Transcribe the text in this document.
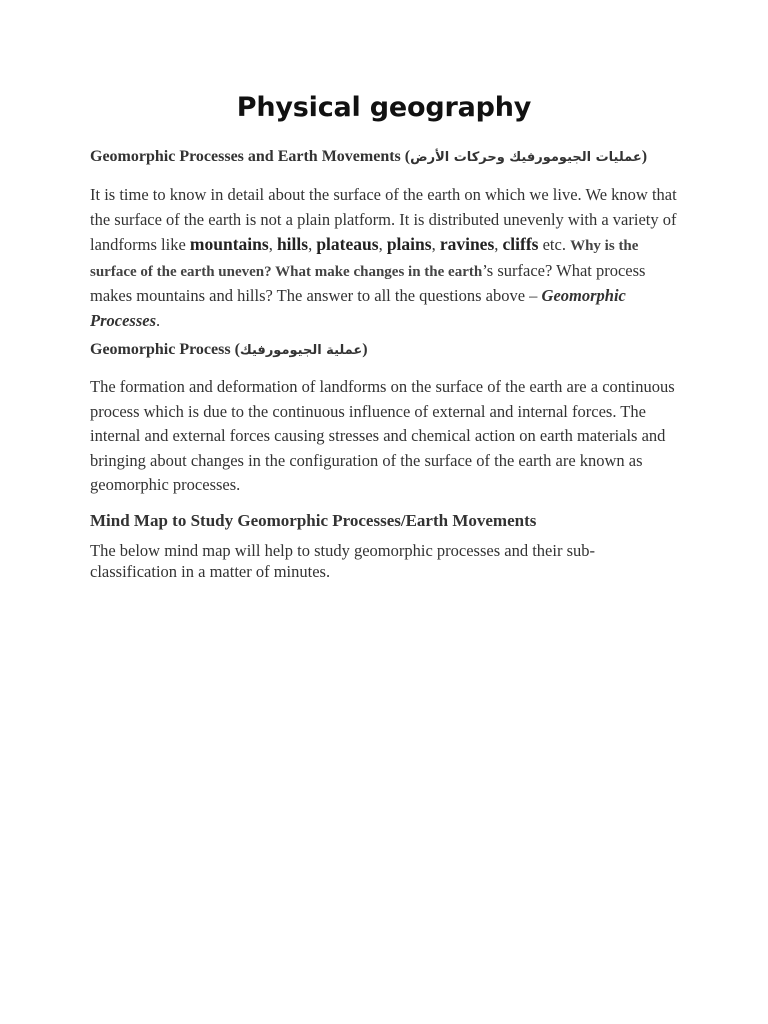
Physical geography
Geomorphic Processes and Earth Movements (عمليات الجيومورفيك وحركات الأرض)

It is time to know in detail about the surface of the earth on which we live. We know that the surface of the earth is not a plain platform. It is distributed unevenly with a variety of landforms like mountains, hills, plateaus, plains, ravines, cliffs etc. Why is the surface of the earth uneven? What make changes in the earth’s surface? What process makes mountains and hills? The answer to all the questions above – Geomorphic Processes.

Geomorphic Process (عملية الجيومورفيك)

The formation and deformation of landforms on the surface of the earth are a continuous process which is due to the continuous influence of external and internal forces. The internal and external forces causing stresses and chemical action on earth materials and bringing about changes in the configuration of the surface of the earth are known as geomorphic processes.

Mind Map to Study Geomorphic Processes/Earth Movements

The below mind map will help to study geomorphic processes and their sub-classification in a matter of minutes.
